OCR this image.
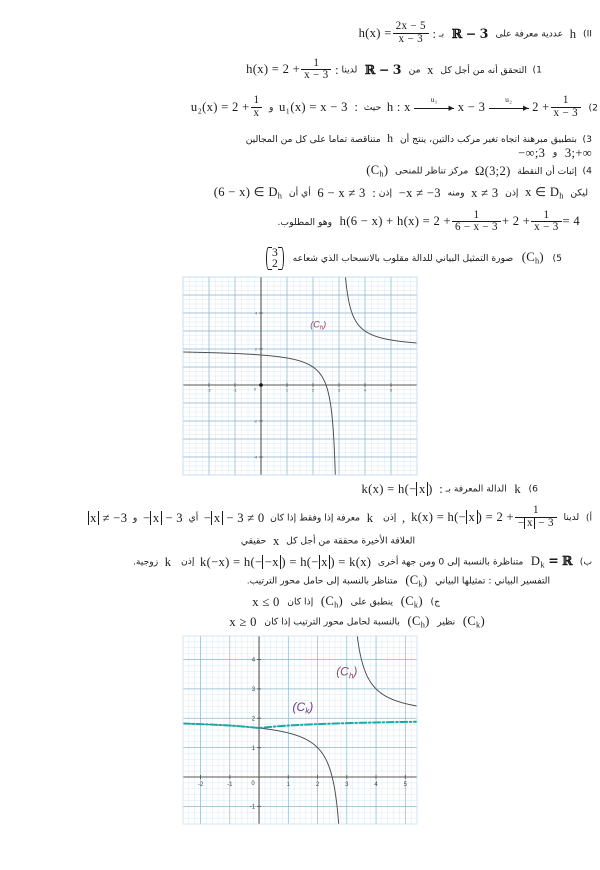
II) h عددية معرفة على ℝ − 3 بـ : $h(x) = \frac{2x - 5}{x - 3}$
1) التحقق أنه من أجل كل x من ℝ − 3 لدينا : $h(x) = 2 + \frac{1}{x - 3}$
2) h : x
u₁
▸ x − 3
u₂
▸ $2 + \frac{1}{x - 3}$
حيث : u₁(x) = x − 3 و $u_2(x) = 2 + \frac{1}{x}$
3) بتطبيق مبرهنة اتجاه تغير مركب دالتين، ينتج أن h متناقصة تماما على كل من المجالين
3;+∞ و −∞;3
4) إثبات أن النقطة Ω(3;2) مركز تناظر للمنحى $(C_h)$
ليكن x ∈ $D_h$ إذن x ≠ 3 ومنه −x ≠ −3 إذن : 6 − x ≠ 3 أي أن (6 − x) ∈ $D_h$
$h(6 - x) + h(x) = 2 + \frac{1}{6 - x - 3} + 2 + \frac{1}{x - 3} = 4$ وهو المطلوب.
5) $(C_h)$ صورة التمثيل البياني للدالة مقلوب بالانسحاب الذي شعاعه
3
2
-2	-1	0	1	2	3	4	5
-4
-2
2
4
$(C_h)$
6) k الدالة المعرفة بـ : k(x) = h(− x )
أ) لدينا k(x) = h(− x ) = $2 + \frac{1}{- x - 3}$
, إذن k معرفة إذا وفقط إذا كان − x − 3 ≠ 0 أي − x − 3 و x ≠ −3
العلاقة الأخيرة محققة من أجل كل x حقيقي
ب) $D_k$ = ℝ متناظرة بالنسبة إلى 0 ومن جهة أخرى k(−x) = h(− −x ) = h(− x ) = k(x) إذن k زوجية.
التفسير البياني : تمثيلها البياني $(C_k)$ متناظر بالنسبة إلى حامل محور الترتيب.
ج) $(C_k)$ ينطبق على $(C_h)$ إذا كان x ≤ 0
$(C_k)$ نظير $(C_h)$ بالنسبة لحامل محور الترتيب إذا كان x ≥ 0
-2	-1	0	1	2	3	4	5
-1
1
2
3
4
$(C_h)$
$(C_k)$
